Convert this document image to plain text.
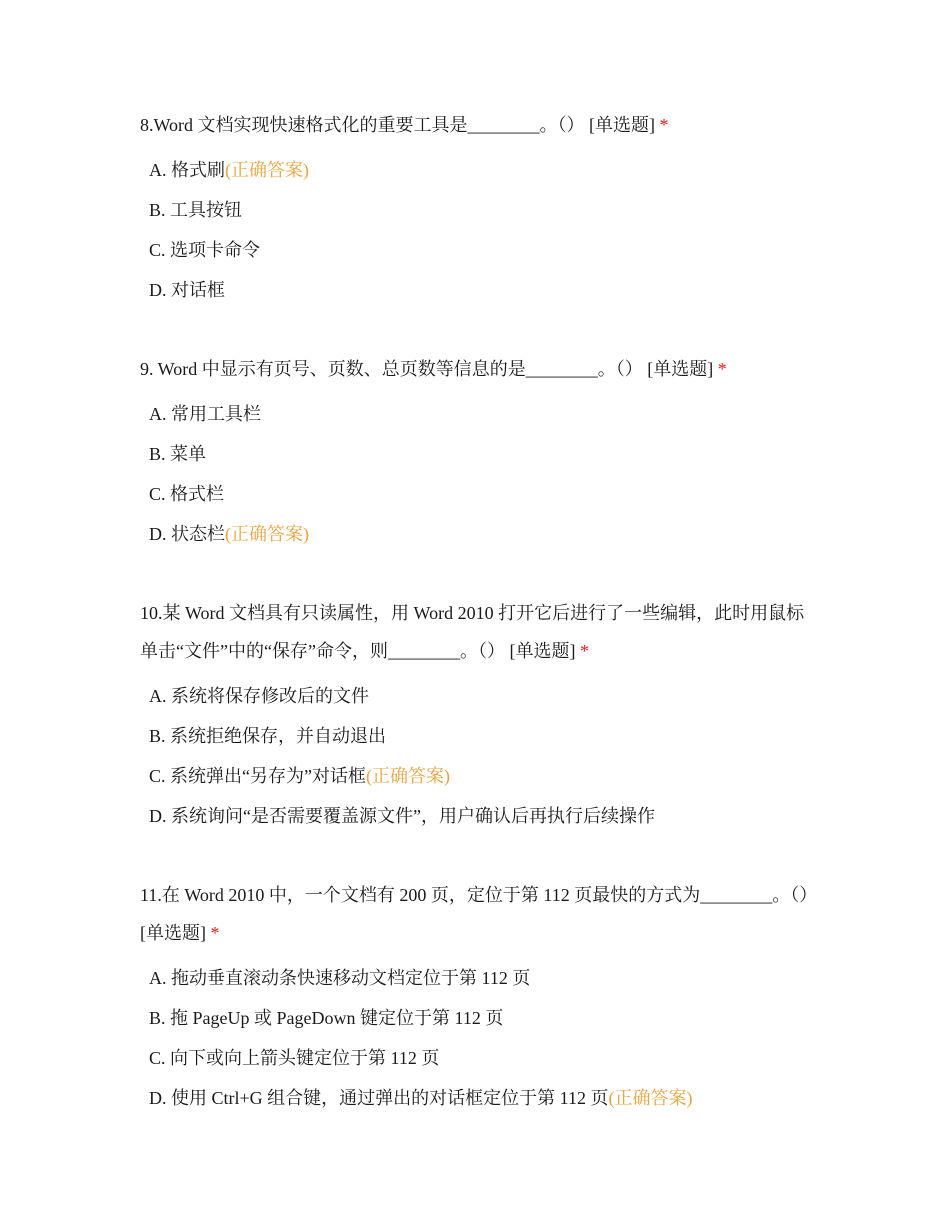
8.Word 文档实现快速格式化的重要工具是________。（） [单选题] *

A. 格式刷(正确答案)
B. 工具按钮
C. 选项卡命令
D. 对话框

9. Word 中显示有页号、页数、总页数等信息的是________。（） [单选题] *

A. 常用工具栏
B. 菜单
C. 格式栏
D. 状态栏(正确答案)

10.某 Word 文档具有只读属性，用 Word 2010 打开它后进行了一些编辑，此时用鼠标单击“文件”中的“保存”命令，则________。（） [单选题] *

A. 系统将保存修改后的文件
B. 系统拒绝保存，并自动退出
C. 系统弹出“另存为”对话框(正确答案)
D. 系统询问“是否需要覆盖源文件”，用户确认后再执行后续操作

11.在 Word 2010 中，一个文档有 200 页，定位于第 112 页最快的方式为________。（） [单选题] *

A. 拖动垂直滚动条快速移动文档定位于第 112 页
B. 拖 PageUp 或 PageDown 键定位于第 112 页
C. 向下或向上箭头键定位于第 112 页
D. 使用 Ctrl+G 组合键，通过弹出的对话框定位于第 112 页(正确答案)
